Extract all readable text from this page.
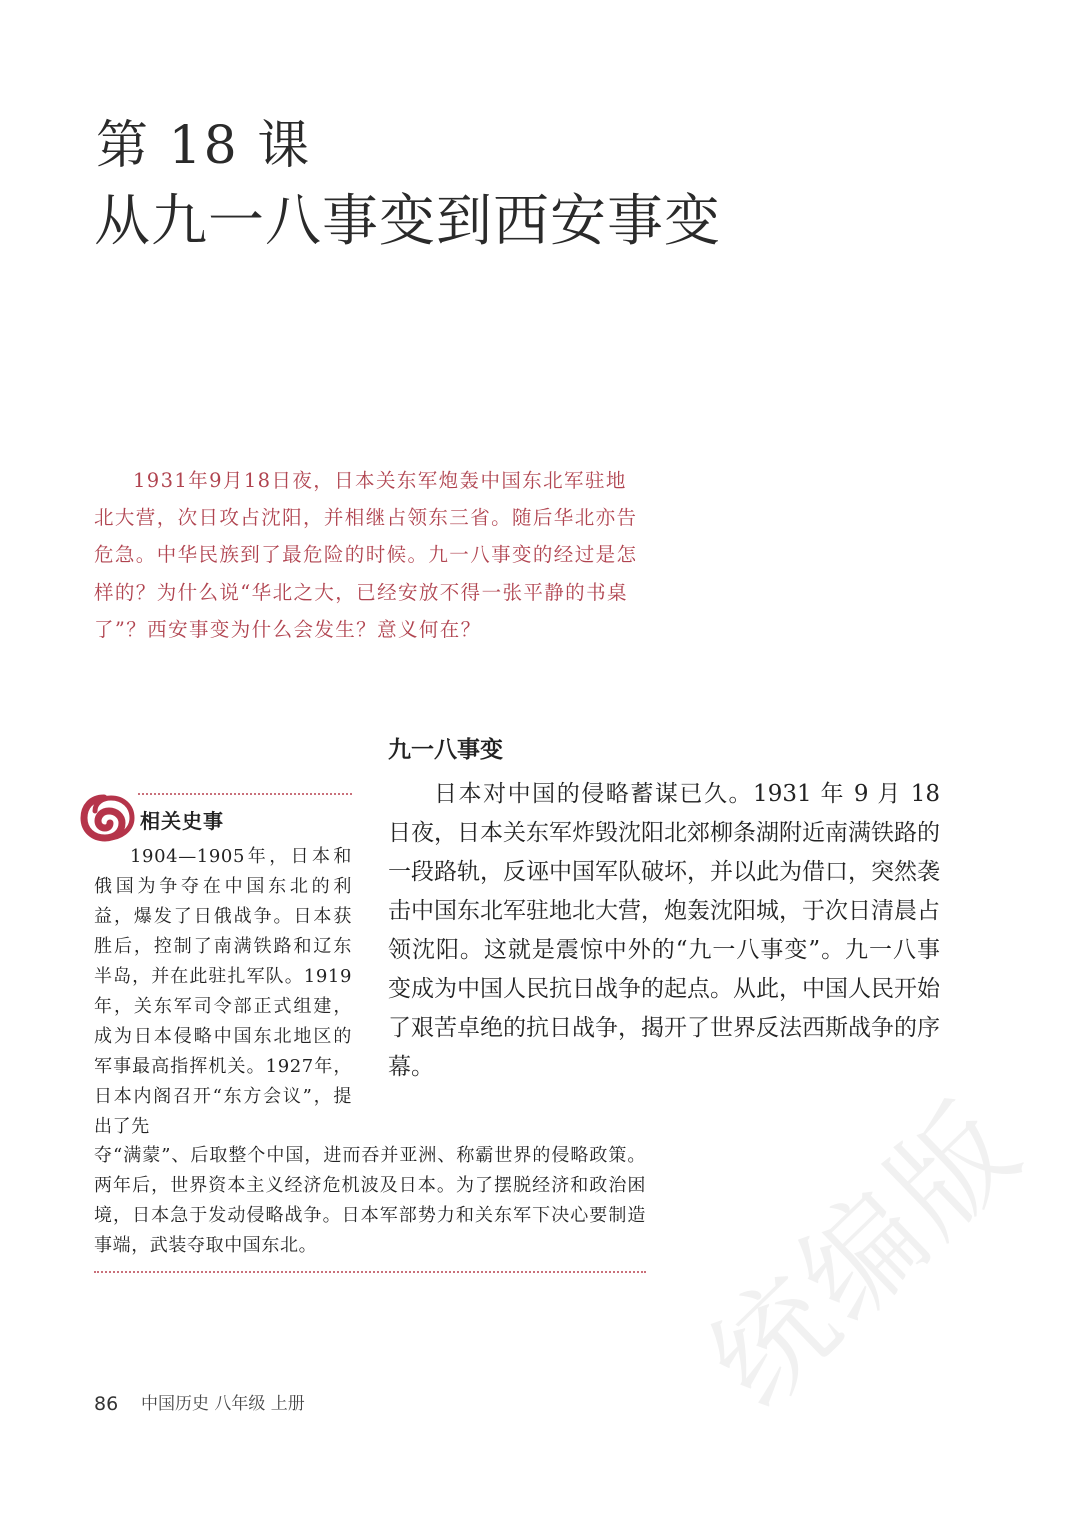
第 18 课
从九一八事变到西安事变

1931年9月18日夜，日本关东军炮轰中国东北军驻地北大营，次日攻占沈阳，并相继占领东三省。随后华北亦告危急。中华民族到了最危险的时候。九一八事变的经过是怎样的？为什么说“华北之大，已经安放不得一张平静的书桌了”？西安事变为什么会发生？意义何在？

九一八事变

日本对中国的侵略蓄谋已久。1931 年 9 月 18 日夜，日本关东军炸毁沈阳北郊柳条湖附近南满铁路的一段路轨，反诬中国军队破坏，并以此为借口，突然袭击中国东北军驻地北大营，炮轰沈阳城，于次日清晨占领沈阳。这就是震惊中外的“九一八事变”。九一八事变成为中国人民抗日战争的起点。从此，中国人民开始了艰苦卓绝的抗日战争，揭开了世界反法西斯战争的序幕。

相关史事

1904—1905年，日本和俄国为争夺在中国东北的利益，爆发了日俄战争。日本获胜后，控制了南满铁路和辽东半岛，并在此驻扎军队。1919年，关东军司令部正式组建，成为日本侵略中国东北地区的军事最高指挥机关。1927年，日本内阁召开“东方会议”，提出了先

夺“满蒙”、后取整个中国，进而吞并亚洲、称霸世界的侵略政策。两年后，世界资本主义经济危机波及日本。为了摆脱经济和政治困境，日本急于发动侵略战争。日本军部势力和关东军下决心要制造事端，武装夺取中国东北。

86 中国历史 八年级 上册	统编版
